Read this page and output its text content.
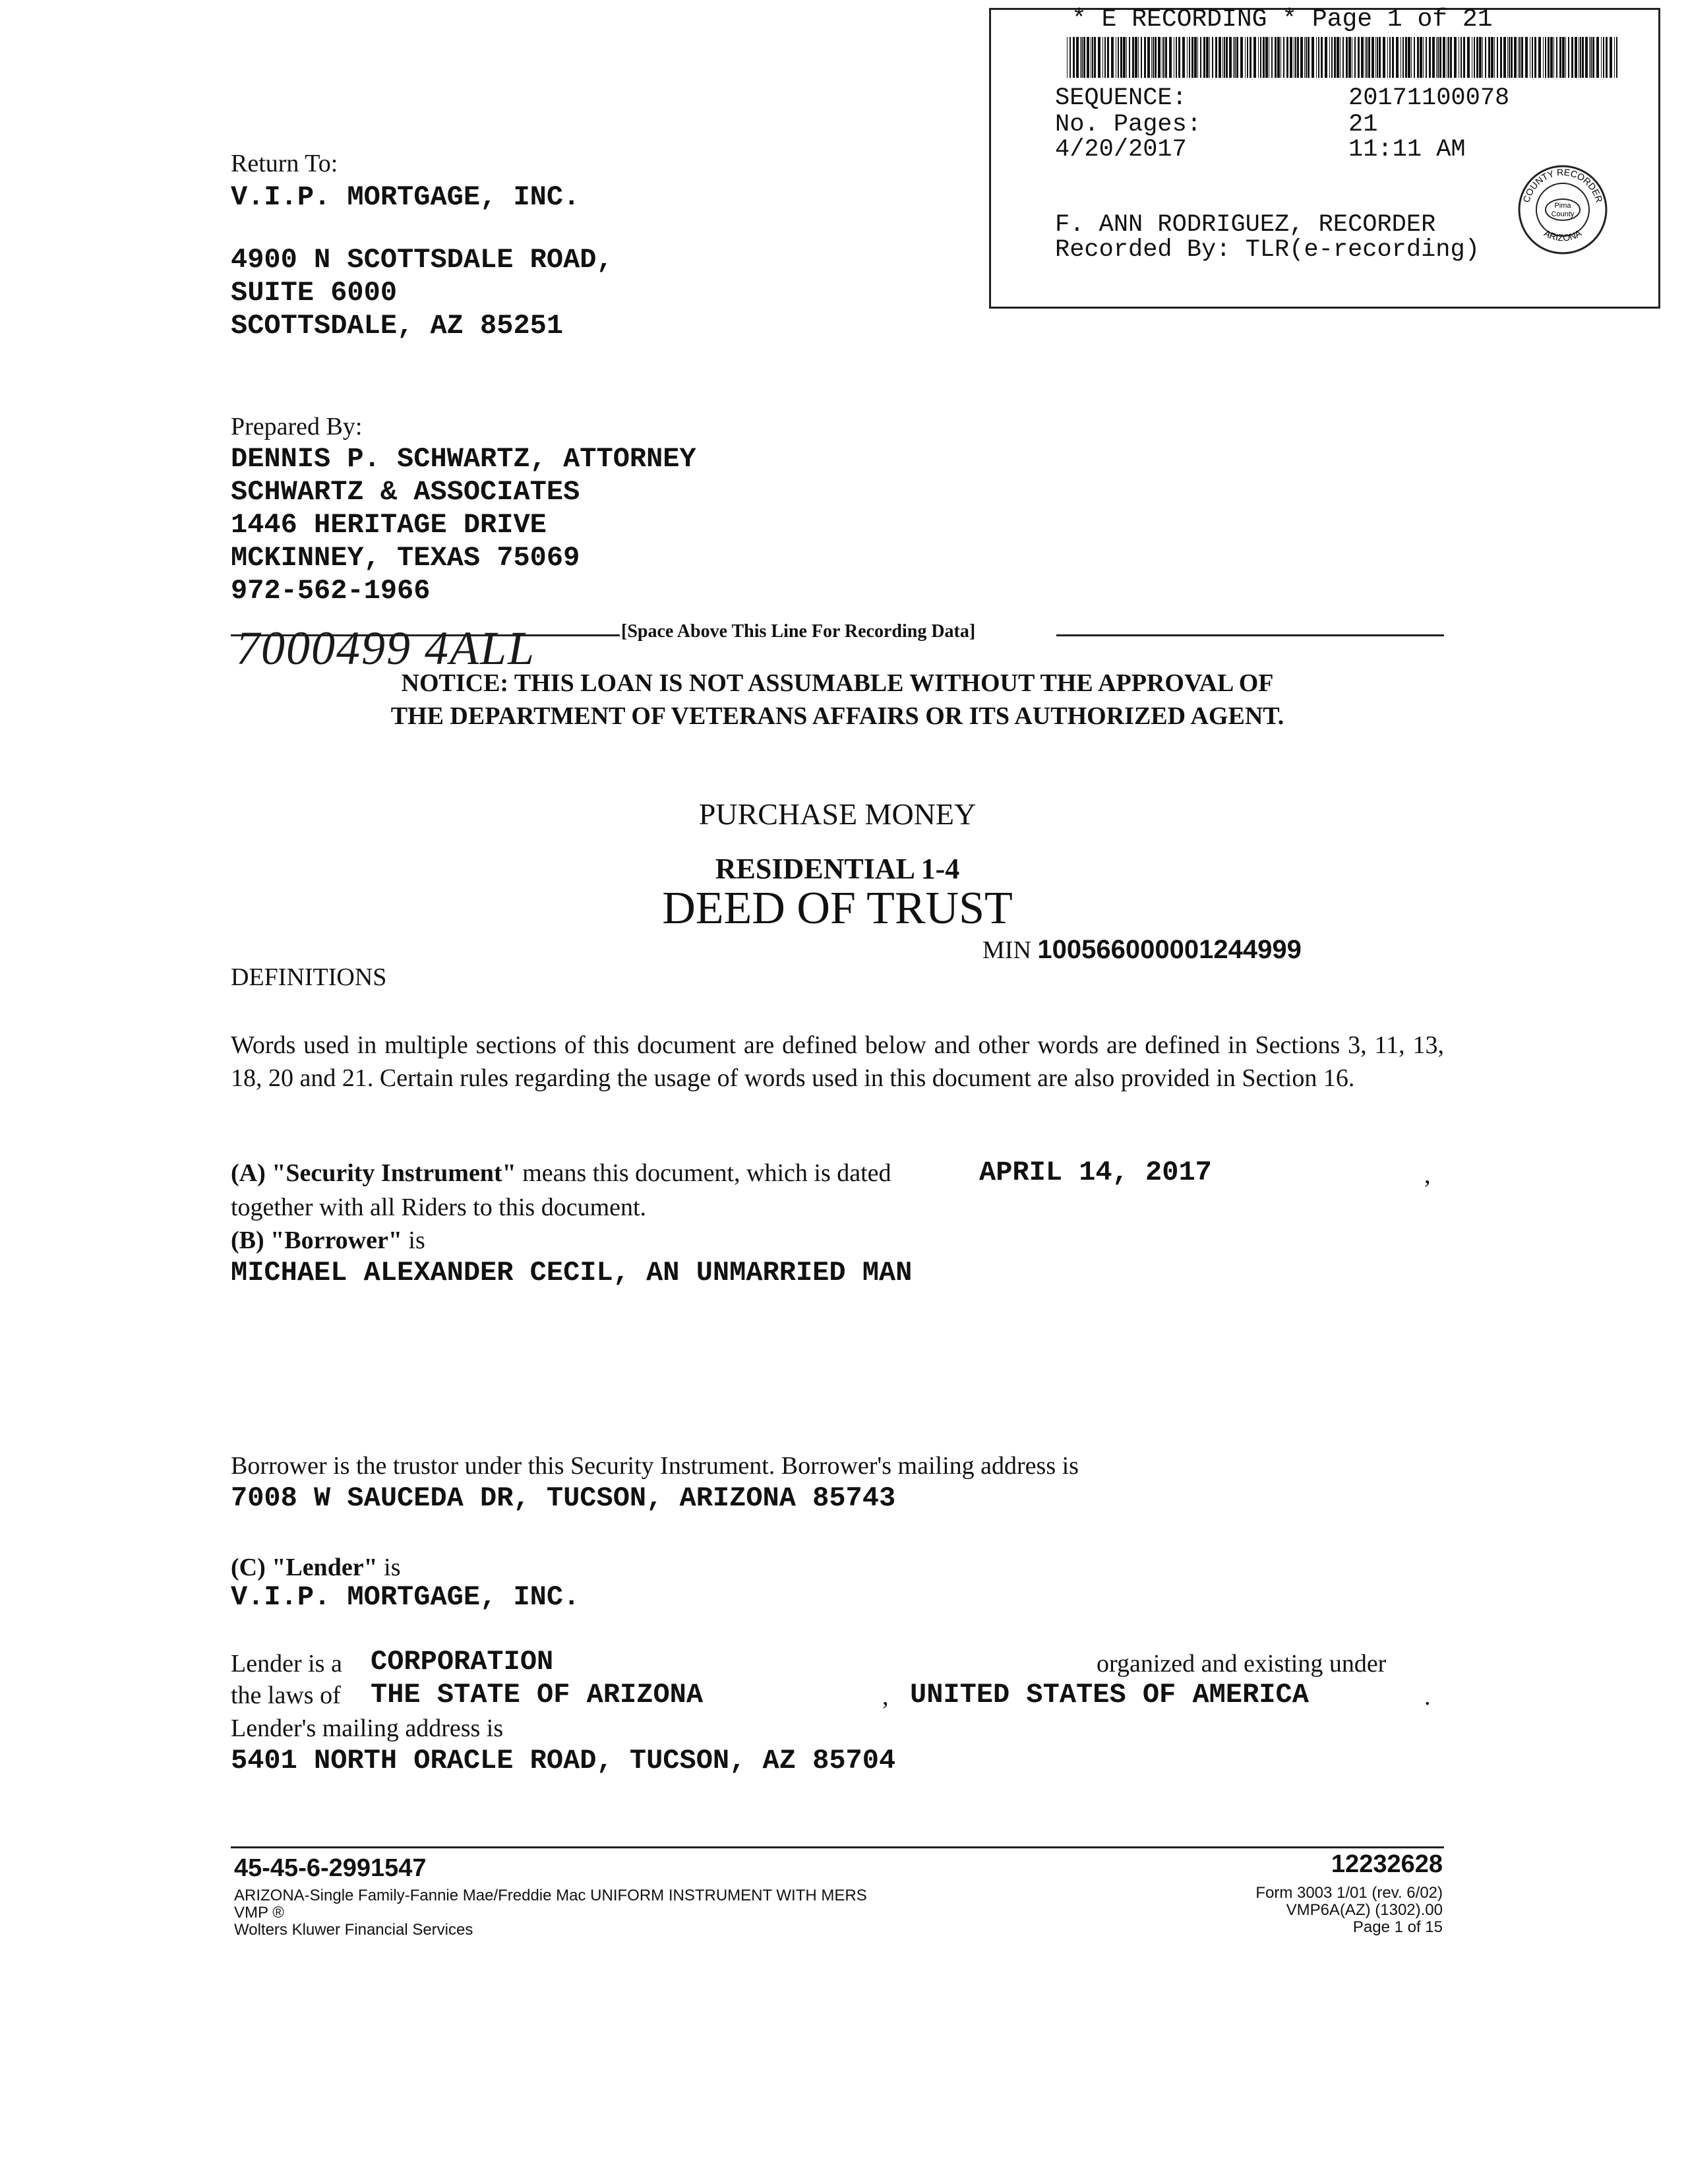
* E RECORDING * Page 1 of 21
SEQUENCE:	20171100078
No. Pages:	21
4/20/2017	11:11 AM
F. ANN RODRIGUEZ, RECORDER
Recorded By: TLR(e-recording)
Pima
County
COUNTY RECORDER
ARIZONA
Return To:
V.I.P. MORTGAGE, INC.
4900 N SCOTTSDALE ROAD,
SUITE 6000
SCOTTSDALE, AZ 85251
Prepared By:
DENNIS P. SCHWARTZ, ATTORNEY
SCHWARTZ & ASSOCIATES
1446 HERITAGE DRIVE
MCKINNEY, TEXAS 75069
972-562-1966
[Space Above This Line For Recording Data]
7000499 4ALL
NOTICE: THIS LOAN IS NOT ASSUMABLE WITHOUT THE APPROVAL OF
THE DEPARTMENT OF VETERANS AFFAIRS OR ITS AUTHORIZED AGENT.
PURCHASE MONEY
RESIDENTIAL 1-4
DEED OF TRUST
MIN 100566000001244999
DEFINITIONS
Words used in multiple sections of this document are defined below and other words are defined in Sections 3, 11, 13, 18, 20 and 21. Certain rules regarding the usage of words used in this document are also provided in Section 16.
(A) "Security Instrument" means this document, which is dated	APRIL 14, 2017	,
together with all Riders to this document.
(B) "Borrower" is
MICHAEL ALEXANDER CECIL, AN UNMARRIED MAN
Borrower is the trustor under this Security Instrument. Borrower's mailing address is
7008 W SAUCEDA DR, TUCSON, ARIZONA 85743
(C) "Lender" is
V.I.P. MORTGAGE, INC.
Lender is a CORPORATION	organized and existing under
the laws of THE STATE OF ARIZONA	, UNITED STATES OF AMERICA	.
Lender's mailing address is
5401 NORTH ORACLE ROAD, TUCSON, AZ 85704
45-45-6-2991547	12232628
ARIZONA-Single Family-Fannie Mae/Freddie Mac UNIFORM INSTRUMENT WITH MERS
VMP ®
Wolters Kluwer Financial Services
Form 3003 1/01 (rev. 6/02)
VMP6A(AZ) (1302).00
Page 1 of 15
